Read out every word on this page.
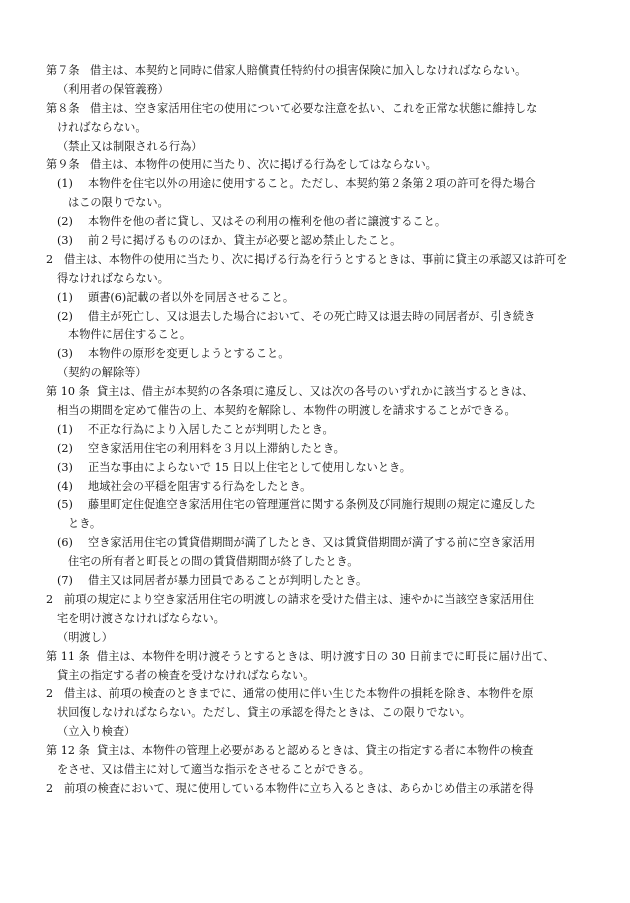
第７条 借主は、本契約と同時に借家人賠償責任特約付の損害保険に加入しなければならない。
（利用者の保管義務）
第８条 借主は、空き家活用住宅の使用について必要な注意を払い、これを正常な状態に維持しな
ければならない。
（禁止又は制限される行為）
第９条 借主は、本物件の使用に当たり、次に掲げる行為をしてはならない。
(1) 本物件を住宅以外の用途に使用すること。ただし、本契約第２条第２項の許可を得た場合
はこの限りでない。
(2) 本物件を他の者に貸し、又はその利用の権利を他の者に譲渡すること。
(3) 前２号に掲げるもののほか、貸主が必要と認め禁止したこと。
2 借主は、本物件の使用に当たり、次に掲げる行為を行うとするときは、事前に貸主の承認又は許可を
得なければならない。
(1) 頭書(6)記載の者以外を同居させること。
(2) 借主が死亡し、又は退去した場合において、その死亡時又は退去時の同居者が、引き続き
本物件に居住すること。
(3) 本物件の原形を変更しようとすること。
（契約の解除等）
第 10 条 貸主は、借主が本契約の各条項に違反し、又は次の各号のいずれかに該当するときは、
相当の期間を定めて催告の上、本契約を解除し、本物件の明渡しを請求することができる。
(1) 不正な行為により入居したことが判明したとき。
(2) 空き家活用住宅の利用料を３月以上滞納したとき。
(3) 正当な事由によらないで 15 日以上住宅として使用しないとき。
(4) 地域社会の平穏を阻害する行為をしたとき。
(5) 藤里町定住促進空き家活用住宅の管理運営に関する条例及び同施行規則の規定に違反した
とき。
(6) 空き家活用住宅の賃貸借期間が満了したとき、又は賃貸借期間が満了する前に空き家活用
住宅の所有者と町長との間の賃貸借期間が終了したとき。
(7) 借主又は同居者が暴力団員であることが判明したとき。
2 前項の規定により空き家活用住宅の明渡しの請求を受けた借主は、速やかに当該空き家活用住
宅を明け渡さなければならない。
（明渡し）
第 11 条 借主は、本物件を明け渡そうとするときは、明け渡す日の 30 日前までに町長に届け出て、
貸主の指定する者の検査を受けなければならない。
2 借主は、前項の検査のときまでに、通常の使用に伴い生じた本物件の損耗を除き、本物件を原
状回復しなければならない。ただし、貸主の承認を得たときは、この限りでない。
（立入り検査）
第 12 条 貸主は、本物件の管理上必要があると認めるときは、貸主の指定する者に本物件の検査
をさせ、又は借主に対して適当な指示をさせることができる。
2 前項の検査において、現に使用している本物件に立ち入るときは、あらかじめ借主の承諾を得
